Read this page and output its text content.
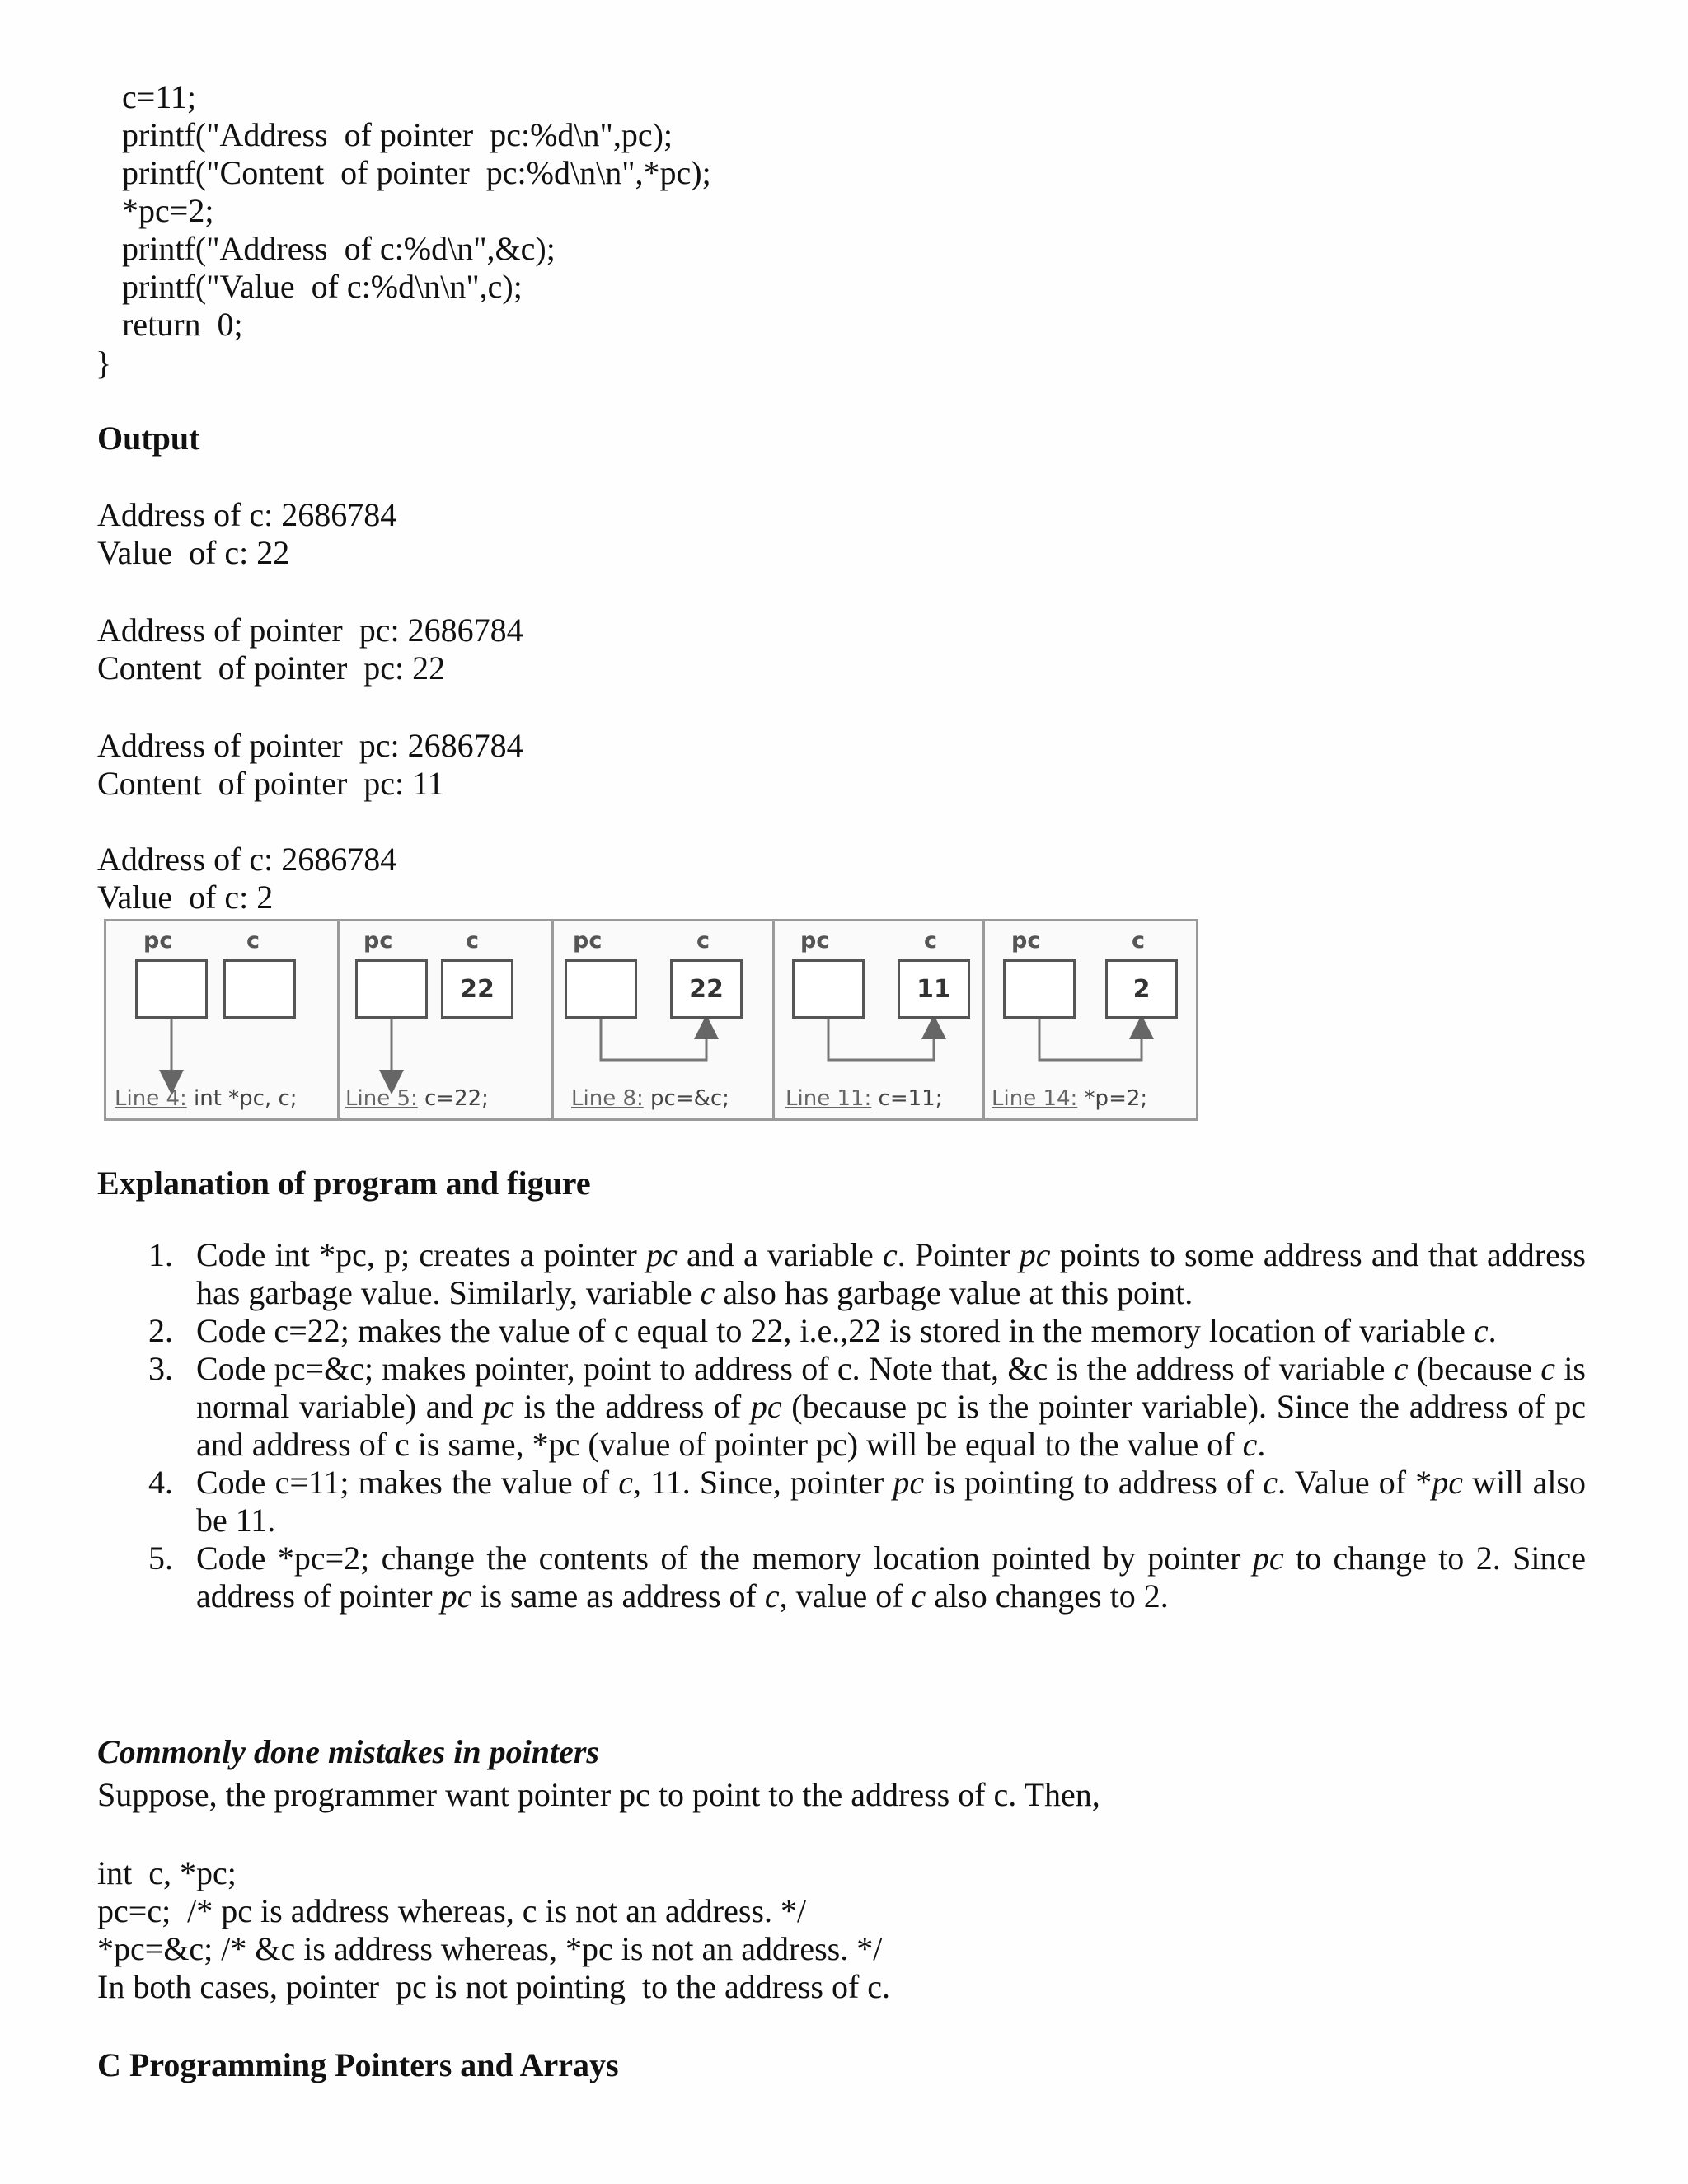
c=11;
printf("Address  of pointer  pc:%d\n",pc);
printf("Content  of pointer  pc:%d\n\n",*pc);
*pc=2;
printf("Address  of c:%d\n",&c);
printf("Value  of c:%d\n\n",c);
return  0;
}
Output
Address of c: 2686784
Value  of c: 22
Address of pointer  pc: 2686784
Content  of pointer  pc: 22
Address of pointer  pc: 2686784
Content  of pointer  pc: 11
Address of c: 2686784
Value  of c: 2
pc	c
Line 4: int *pc, c;
pc	c
22
Line 5: c=22;
pc	c
22
Line 8: pc=&c;
pc	c
11
Line 11: c=11;
pc	c
2
Line 14: *p=2;
Explanation of program and figure
1. Code int *pc, p; creates a pointer pc and a variable c. Pointer pc points to some address and that address has garbage value. Similarly, variable c also has garbage value at this point.
2. Code c=22; makes the value of c equal to 22, i.e.,22 is stored in the memory location of variable c.
3. Code pc=&c; makes pointer, point to address of c. Note that, &c is the address of variable c (because c is normal variable) and pc is the address of pc (because pc is the pointer variable). Since the address of pc and address of c is same, *pc (value of pointer pc) will be equal to the value of c.
4. Code c=11; makes the value of c, 11. Since, pointer pc is pointing to address of c. Value of *pc will also be 11.
5. Code *pc=2; change the contents of the memory location pointed by pointer pc to change to 2. Since address of pointer pc is same as address of c, value of c also changes to 2.
Commonly done mistakes in pointers
Suppose, the programmer want pointer pc to point to the address of c. Then,
int  c, *pc;
pc=c;  /* pc is address whereas, c is not an address. */
*pc=&c; /* &c is address whereas, *pc is not an address. */
In both cases, pointer  pc is not pointing  to the address of c.
C Programming Pointers and Arrays
